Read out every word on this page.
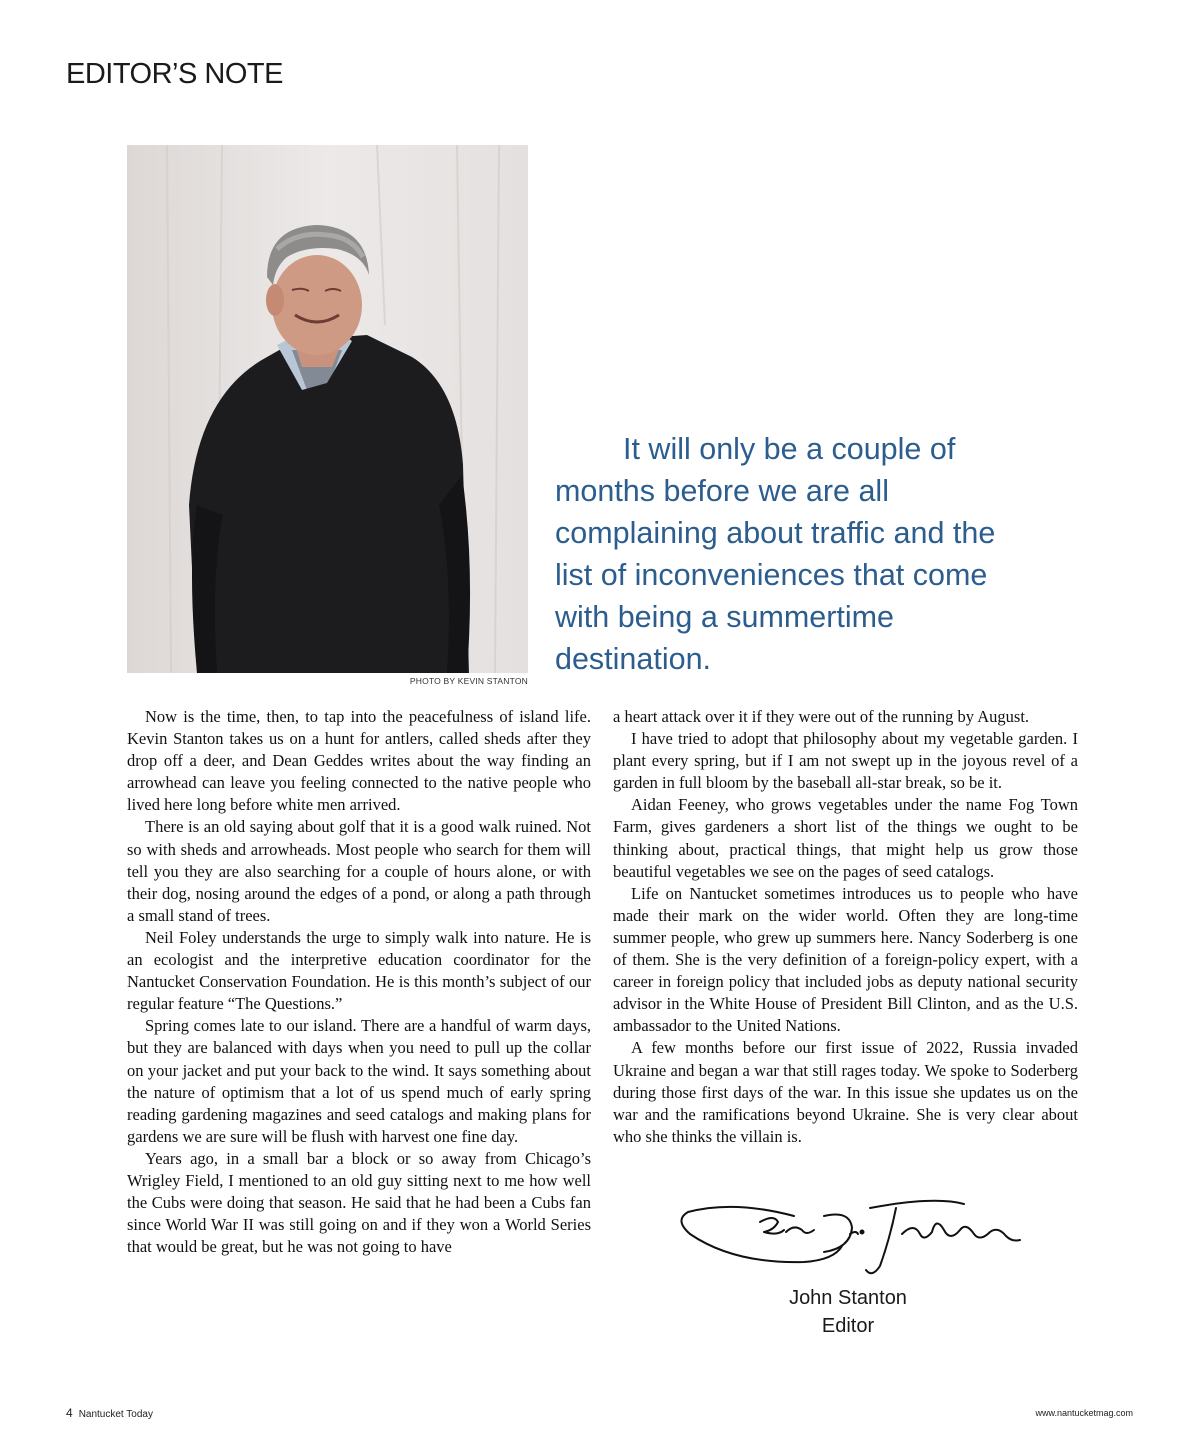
EDITOR’S NOTE
PHOTO BY KEVIN STANTON
It will only be a couple of months before we are all complaining about traffic and the list of inconveniences that come with being a summertime destination.

Now is the time, then, to tap into the peacefulness of island life. Kevin Stanton takes us on a hunt for antlers, called sheds after they drop off a deer, and Dean Geddes writes about the way finding an arrowhead can leave you feeling connected to the native people who lived here long before white men arrived.

There is an old saying about golf that it is a good walk ruined. Not so with sheds and arrowheads. Most people who search for them will tell you they are also searching for a couple of hours alone, or with their dog, nosing around the edges of a pond, or along a path through a small stand of trees.

Neil Foley understands the urge to simply walk into nature. He is an ecologist and the interpretive education coordinator for the Nantucket Conservation Foundation. He is this month’s subject of our regular feature “The Questions.”

Spring comes late to our island. There are a handful of warm days, but they are balanced with days when you need to pull up the collar on your jacket and put your back to the wind. It says something about the nature of optimism that a lot of us spend much of early spring reading gardening magazines and seed catalogs and making plans for gardens we are sure will be flush with harvest one fine day.

Years ago, in a small bar a block or so away from Chicago’s Wrigley Field, I mentioned to an old guy sitting next to me how well the Cubs were doing that season. He said that he had been a Cubs fan since World War II was still going on and if they won a World Series that would be great, but he was not going to have

a heart attack over it if they were out of the running by August.

I have tried to adopt that philosophy about my vegetable garden. I plant every spring, but if I am not swept up in the joyous revel of a garden in full bloom by the baseball all-star break, so be it.

Aidan Feeney, who grows vegetables under the name Fog Town Farm, gives gardeners a short list of the things we ought to be thinking about, practical things, that might help us grow those beautiful vegetables we see on the pages of seed catalogs.

Life on Nantucket sometimes introduces us to people who have made their mark on the wider world. Often they are long-time summer people, who grew up summers here. Nancy Soderberg is one of them. She is the very definition of a foreign-policy expert, with a career in foreign policy that included jobs as deputy national security advisor in the White House of President Bill Clinton, and as the U.S. ambassador to the United Nations.

A few months before our first issue of 2022, Russia invaded Ukraine and began a war that still rages today. We spoke to Soderberg during those first days of the war. In this issue she updates us on the war and the ramifications beyond Ukraine. She is very clear about who she thinks the villain is.

John Stanton
Editor
4 Nantucket Today	www.nantucketmag.com
